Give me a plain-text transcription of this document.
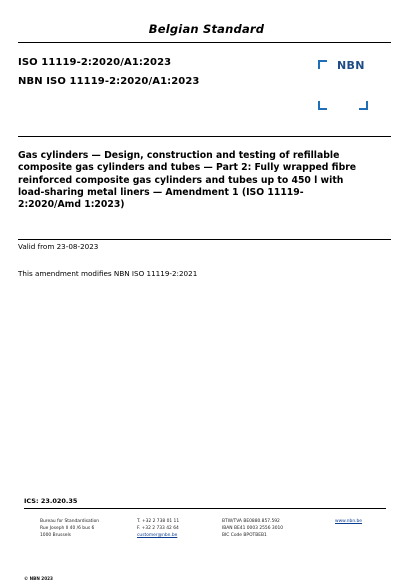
Belgian Standard
ISO 11119-2:2020/A1:2023
NBN ISO 11119-2:2020/A1:2023
NBN
Gas cylinders — Design, construction and testing of refillable composite gas cylinders and tubes — Part 2: Fully wrapped fibre reinforced composite gas cylinders and tubes up to 450 l with load-sharing metal liners — Amendment 1 (ISO 11119-2:2020/Amd 1:2023)
Valid from 23-08-2023
This amendment modifies NBN ISO 11119-2:2021
ICS: 23.020.35
Bureau for Standardisation
Rue Joseph II 40 /6 bus 6
1000 Brussels
T. +32 2 738 01 11
F. +32 2 733 42 64
customer@nbn.be
BTW/TVA BE0880.857.592
IBAN BE41 0003 2556 3010
BIC Code BPOTBEB1
www.nbn.be
© NBN 2023
